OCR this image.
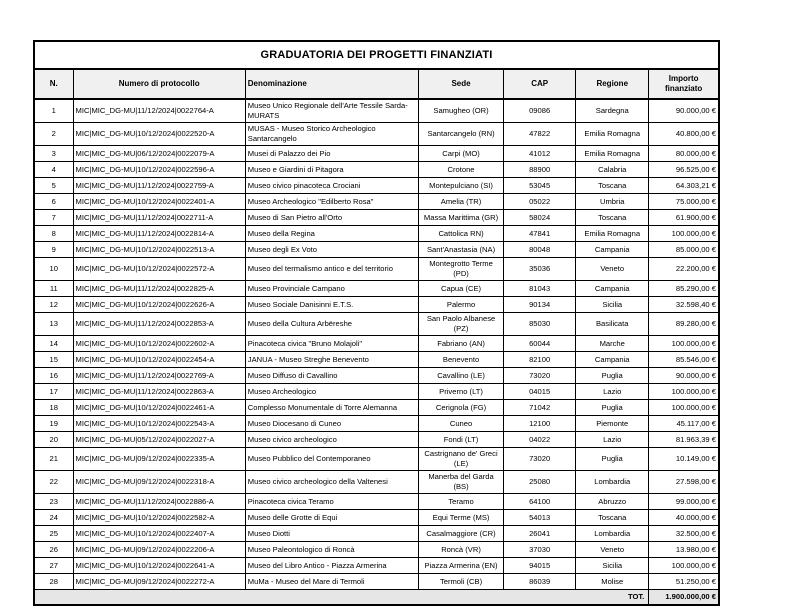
GRADUATORIA DEI PROGETTI FINANZIATI						
N.	Numero di protocollo	Denominazione	Sede	CAP	Regione	Importo finanziato
1	MIC|MIC_DG-MU|11/12/2024|0022764-A	Museo Unico Regionale dell'Arte Tessile Sarda- MURATS	Samugheo (OR)	09086	Sardegna	90.000,00 €
2	MIC|MIC_DG-MU|10/12/2024|0022520-A	MUSAS - Museo Storico Archeologico Santarcangelo	Santarcangelo (RN)	47822	Emilia Romagna	40.800,00 €
3	MIC|MIC_DG-MU|06/12/2024|0022079-A	Musei di Palazzo dei Pio	Carpi (MO)	41012	Emilia Romagna	80.000,00 €
4	MIC|MIC_DG-MU|10/12/2024|0022596-A	Museo e Giardini di Pitagora	Crotone	88900	Calabria	96.525,00 €
5	MIC|MIC_DG-MU|11/12/2024|0022759-A	Museo civico pinacoteca Crociani	Montepulciano (SI)	53045	Toscana	64.303,21 €
6	MIC|MIC_DG-MU|10/12/2024|0022401-A	Museo Archeologico "Edilberto Rosa"	Amelia (TR)	05022	Umbria	75.000,00 €
7	MIC|MIC_DG-MU|11/12/2024|0022711-A	Museo di San Pietro all'Orto	Massa Marittima (GR)	58024	Toscana	61.900,00 €
8	MIC|MIC_DG-MU|11/12/2024|0022814-A	Museo della Regina	Cattolica RN)	47841	Emilia Romagna	100.000,00 €
9	MIC|MIC_DG-MU|10/12/2024|0022513-A	Museo degli Ex Voto	Sant'Anastasia (NA)	80048	Campania	85.000,00 €
10	MIC|MIC_DG-MU|10/12/2024|0022572-A	Museo del termalismo antico e del territorio	Montegrotto Terme (PD)	35036	Veneto	22.200,00 €
11	MIC|MIC_DG-MU|11/12/2024|0022825-A	Museo Provinciale Campano	Capua (CE)	81043	Campania	85.290,00 €
12	MIC|MIC_DG-MU|10/12/2024|0022626-A	Museo Sociale Danisinni E.T.S.	Palermo	90134	Sicilia	32.598,40 €
13	MIC|MIC_DG-MU|11/12/2024|0022853-A	Museo della Cultura Arbëreshe	San Paolo Albanese (PZ)	85030	Basilicata	89.280,00 €
14	MIC|MIC_DG-MU|10/12/2024|0022602-A	Pinacoteca civica "Bruno Molajoli"	Fabriano (AN)	60044	Marche	100.000,00 €
15	MIC|MIC_DG-MU|10/12/2024|0022454-A	JANUA - Museo Streghe Benevento	Benevento	82100	Campania	85.546,00 €
16	MIC|MIC_DG-MU|11/12/2024|0022769-A	Museo Diffuso di Cavallino	Cavallino (LE)	73020	Puglia	90.000,00 €
17	MIC|MIC_DG-MU|11/12/2024|0022863-A	Museo Archeologico	Priverno (LT)	04015	Lazio	100.000,00 €
18	MIC|MIC_DG-MU|10/12/2024|0022461-A	Complesso Monumentale di Torre Alemanna	Cerignola (FG)	71042	Puglia	100.000,00 €
19	MIC|MIC_DG-MU|10/12/2024|0022543-A	Museo Diocesano di Cuneo	Cuneo	12100	Piemonte	45.117,00 €
20	MIC|MIC_DG-MU|05/12/2024|0022027-A	Museo civico archeologico	Fondi (LT)	04022	Lazio	81.963,39 €
21	MIC|MIC_DG-MU|09/12/2024|0022335-A	Museo Pubblico del Contemporaneo	Castrignano de' Greci (LE)	73020	Puglia	10.149,00 €
22	MIC|MIC_DG-MU|09/12/2024|0022318-A	Museo civico archeologico della Valtenesi	Manerba del Garda (BS)	25080	Lombardia	27.598,00 €
23	MIC|MIC_DG-MU|11/12/2024|0022886-A	Pinacoteca civica Teramo	Teramo	64100	Abruzzo	99.000,00 €
24	MIC|MIC_DG-MU|10/12/2024|0022582-A	Museo delle Grotte di Equi	Equi Terme (MS)	54013	Toscana	40.000,00 €
25	MIC|MIC_DG-MU|10/12/2024|0022407-A	Museo Diotti	Casalmaggiore (CR)	26041	Lombardia	32.500,00 €
26	MIC|MIC_DG-MU|09/12/2024|0022206-A	Museo Paleontologico di Roncà	Roncà (VR)	37030	Veneto	13.980,00 €
27	MIC|MIC_DG-MU|10/12/2024|0022641-A	Museo del Libro Antico - Piazza Armerina	Piazza Armerina (EN)	94015	Sicilia	100.000,00 €
28	MIC|MIC_DG-MU|09/12/2024|0022272-A	MuMa - Museo del Mare di Termoli	Termoli (CB)	86039	Molise	51.250,00 €
TOT.						1.900.000,00 €
